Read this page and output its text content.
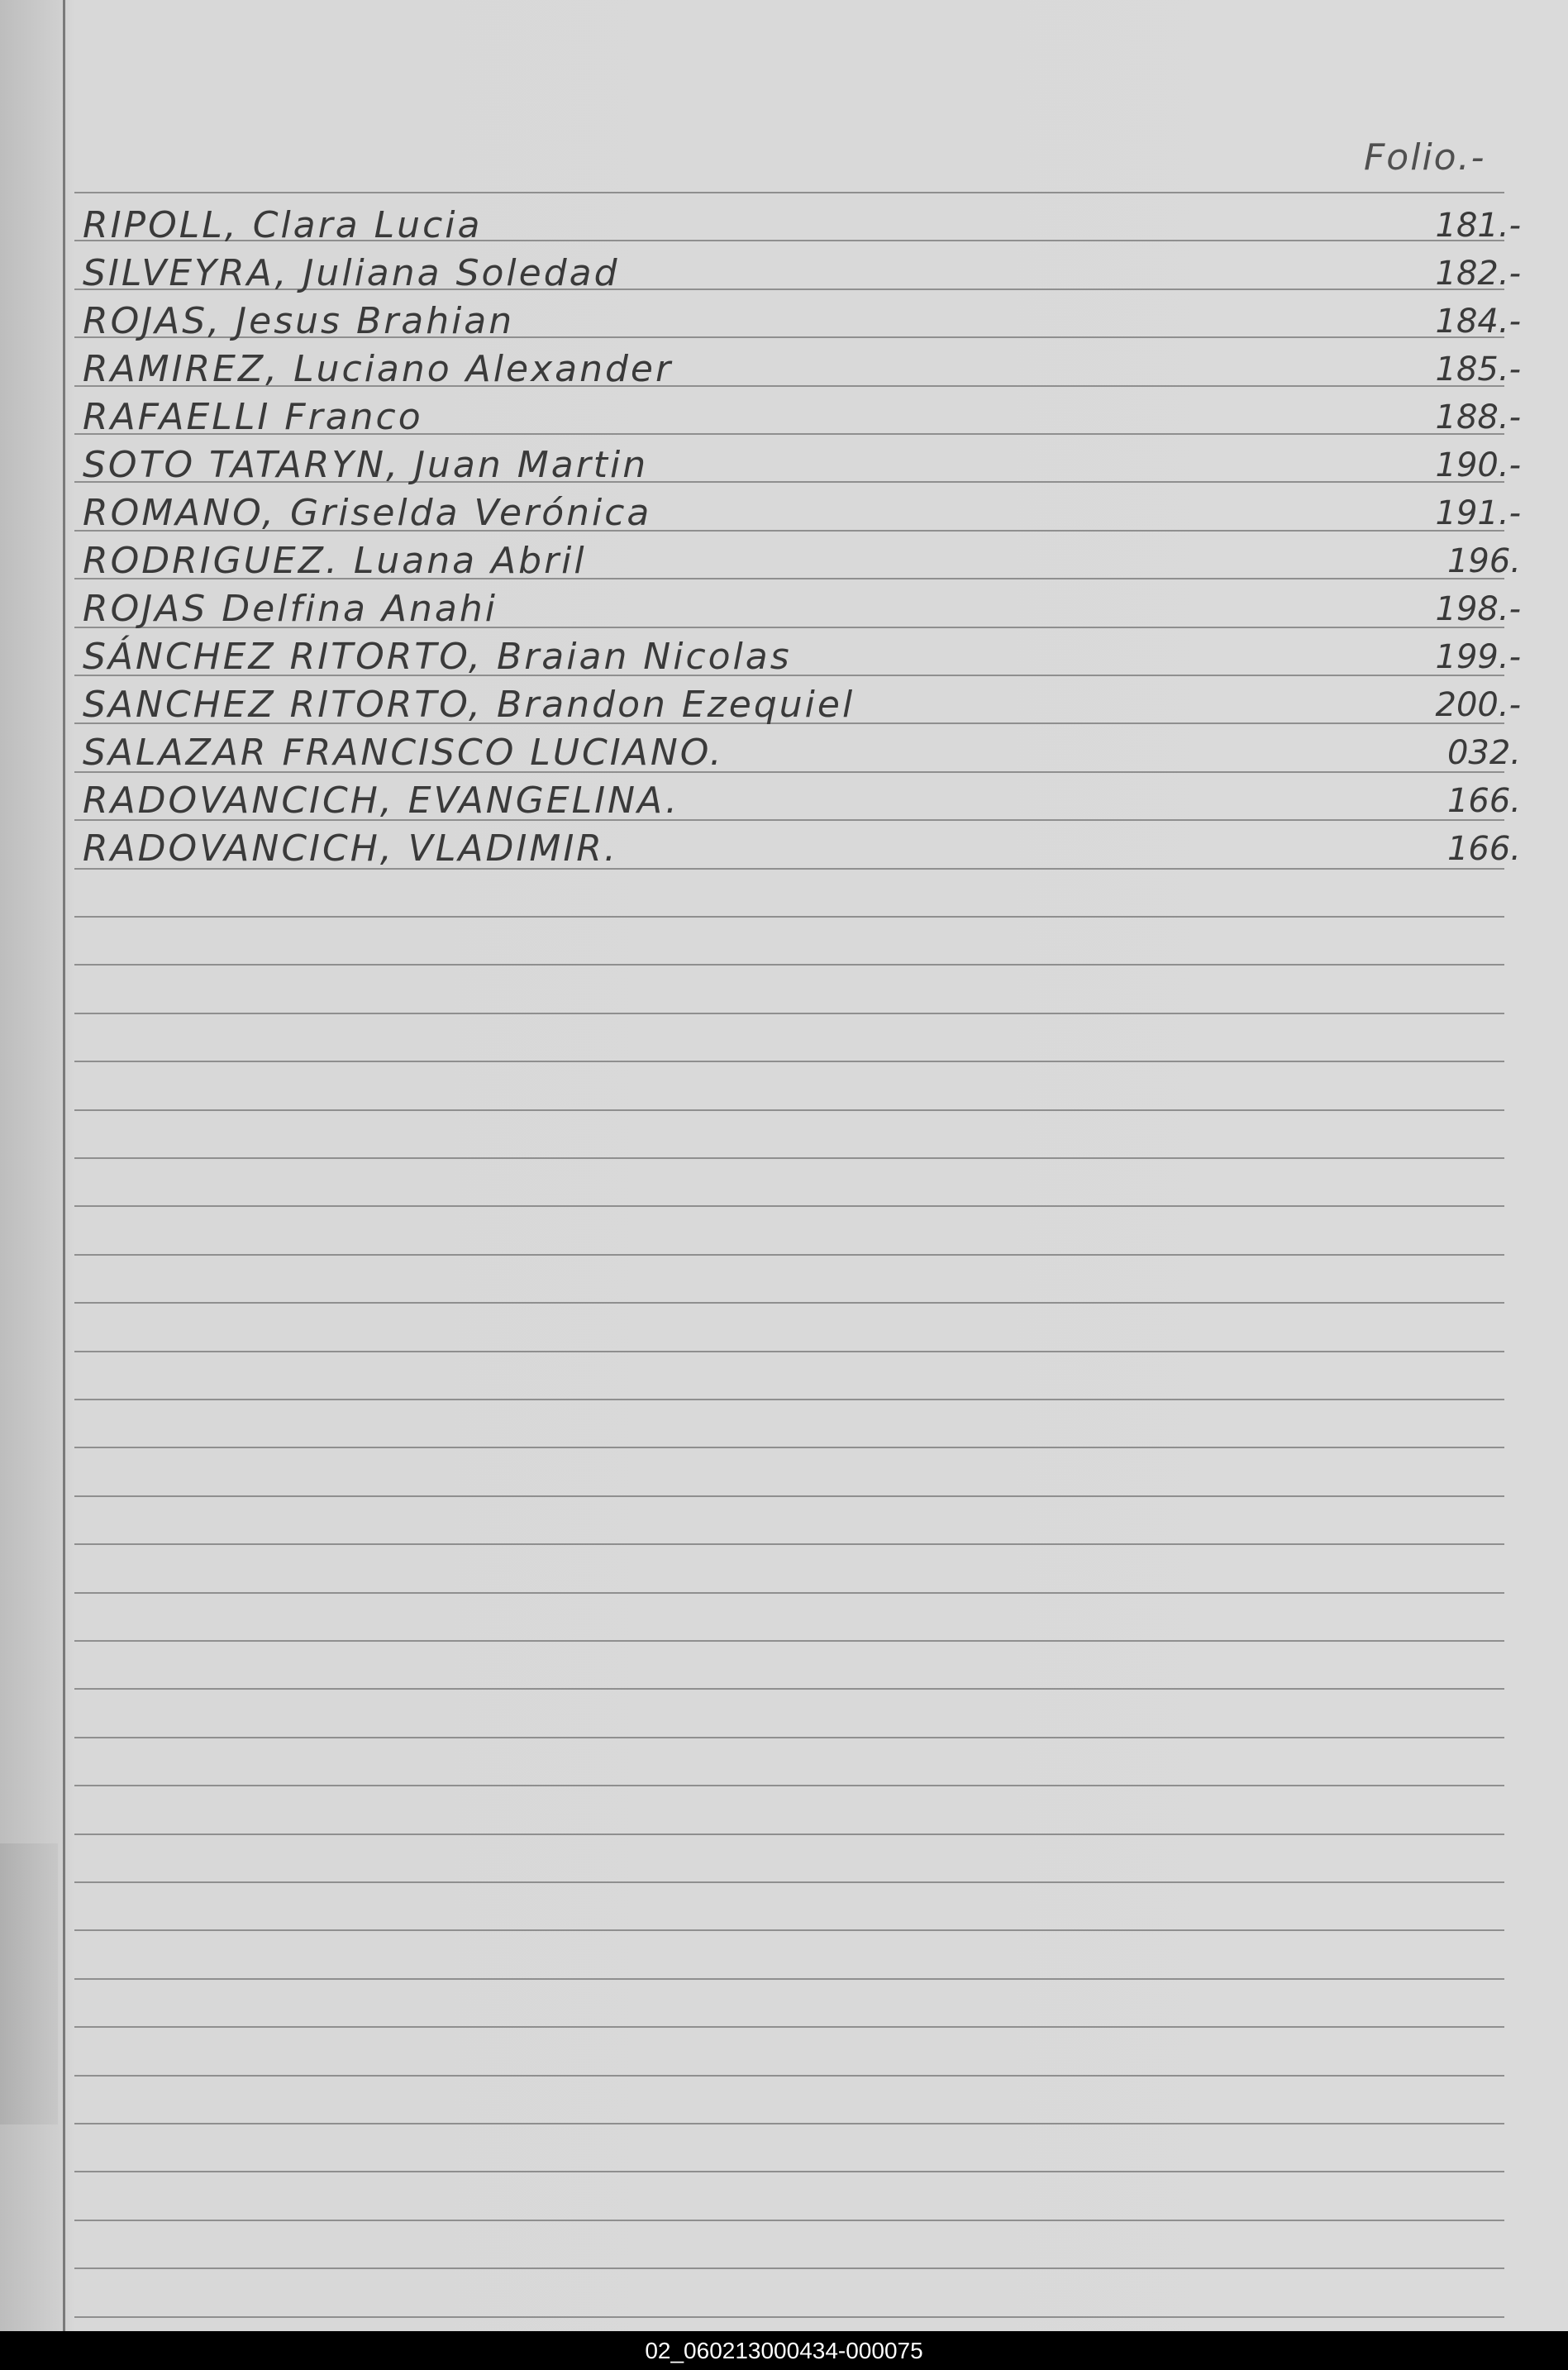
Folio.-
RIPOLL, Clara Lucia	181.-
SILVEYRA, Juliana Soledad	182.-
ROJAS, Jesus Brahian	184.-
RAMIREZ, Luciano Alexander	185.-
RAFAELLI Franco	188.-
SOTO TATARYN, Juan Martin	190.-
ROMANO, Griselda Verónica	191.-
RODRIGUEZ. Luana Abril	196.
ROJAS Delfina Anahi	198.-
SÁNCHEZ RITORTO, Braian Nicolas	199.-
SANCHEZ RITORTO, Brandon Ezequiel	200.-
SALAZAR FRANCISCO LUCIANO.	032.
RADOVANCICH, EVANGELINA.	166.
RADOVANCICH, VLADIMIR.	166.
02_060213000434-000075
